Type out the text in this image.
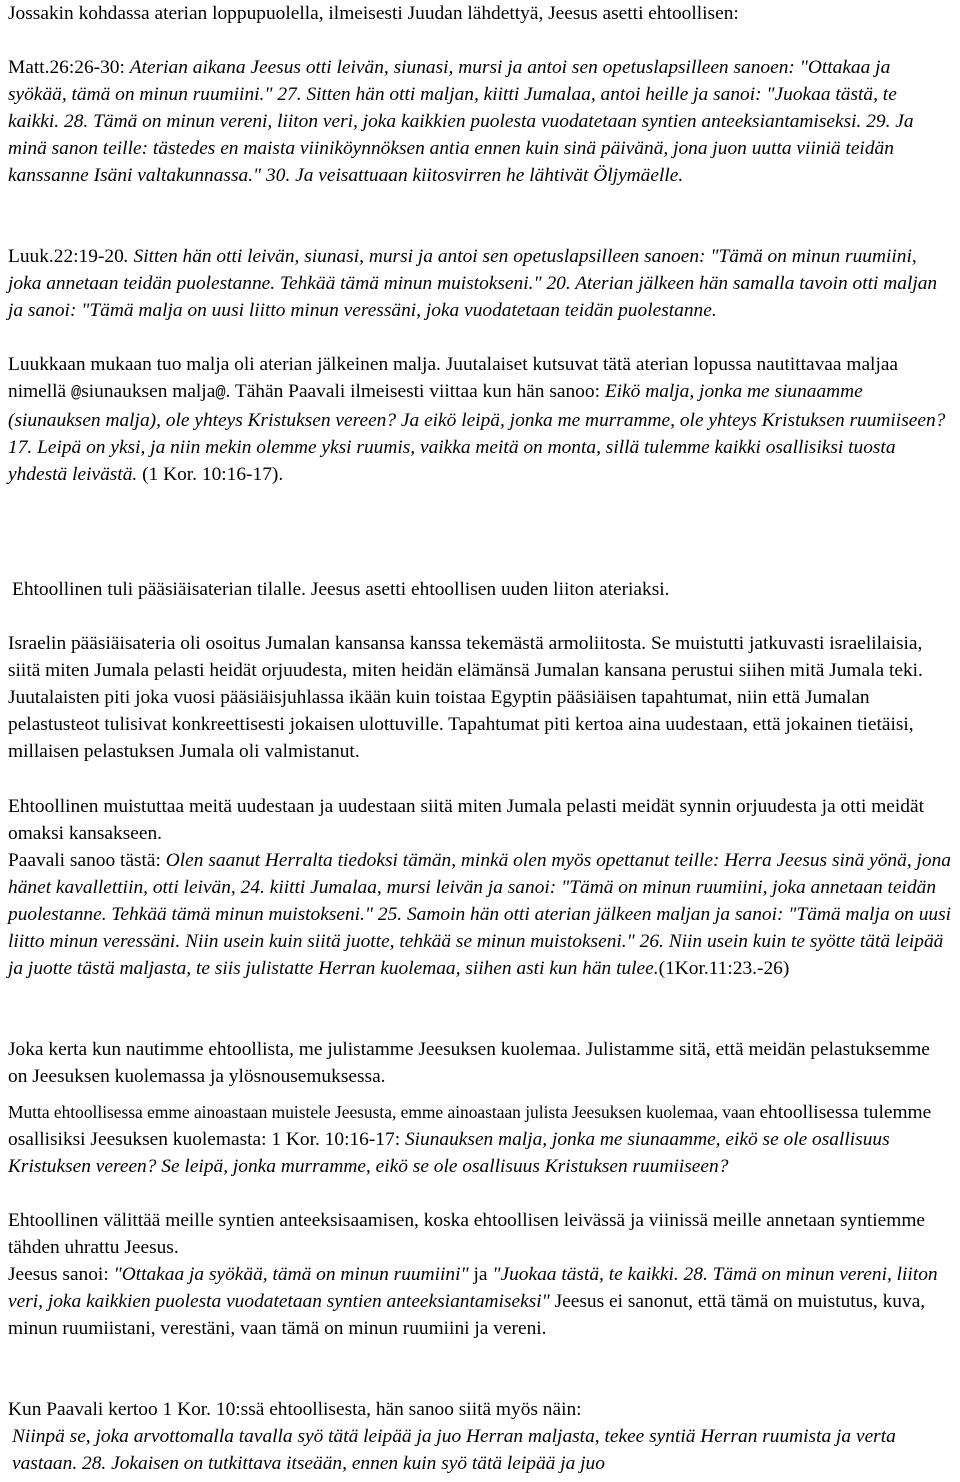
Jossakin kohdassa aterian loppupuolella, ilmeisesti Juudan lähdettyä, Jeesus asetti ehtoollisen:

Matt.26:26-30: Aterian aikana Jeesus otti leivän, siunasi, mursi ja antoi sen opetuslapsilleen sanoen: "Ottakaa ja syökää, tämä on minun ruumiini." 27. Sitten hän otti maljan, kiitti Jumalaa, antoi heille ja sanoi: "Juokaa tästä, te kaikki. 28. Tämä on minun vereni, liiton veri, joka kaikkien puolesta vuodatetaan syntien anteeksiantamiseksi. 29. Ja minä sanon teille: tästedes en maista viiniköynnöksen antia ennen kuin sinä päivänä, jona juon uutta viiniä teidän kanssanne Isäni valtakunnassa." 30. Ja veisattuaan kiitosvirren he lähtivät Öljymäelle.

Luuk.22:19-20. Sitten hän otti leivän, siunasi, mursi ja antoi sen opetuslapsilleen sanoen: "Tämä on minun ruumiini, joka annetaan teidän puolestanne. Tehkää tämä minun muistokseni." 20. Aterian jälkeen hän samalla tavoin otti maljan ja sanoi: "Tämä malja on uusi liitto minun veressäni, joka vuodatetaan teidän puolestanne.

Luukkaan mukaan tuo malja oli aterian jälkeinen malja. Juutalaiset kutsuvat tätä aterian lopussa nautittavaa maljaa nimellä @siunauksen malja@. Tähän Paavali ilmeisesti viittaa kun hän sanoo: Eikö malja, jonka me siunaamme (siunauksen malja), ole yhteys Kristuksen vereen? Ja eikö leipä, jonka me murramme, ole yhteys Kristuksen ruumiiseen? 17. Leipä on yksi, ja niin mekin olemme yksi ruumis, vaikka meitä on monta, sillä tulemme kaikki osallisiksi tuosta yhdestä leivästä. (1 Kor. 10:16-17).

Ehtoollinen tuli pääsiäisaterian tilalle. Jeesus asetti ehtoollisen uuden liiton ateriaksi.

Israelin pääsiäisateria oli osoitus Jumalan kansansa kanssa tekemästä armoliitosta. Se muistutti jatkuvasti israelilaisia, siitä miten Jumala pelasti heidät orjuudesta, miten heidän elämänsä Jumalan kansana perustui siihen mitä Jumala teki. Juutalaisten piti joka vuosi pääsiäisjuhlassa ikään kuin toistaa Egyptin pääsiäisen tapahtumat, niin että Jumalan pelastusteot tulisivat konkreettisesti jokaisen ulottuville. Tapahtumat piti kertoa aina uudestaan, että jokainen tietäisi, millaisen pelastuksen Jumala oli valmistanut.

Ehtoollinen muistuttaa meitä uudestaan ja uudestaan siitä miten Jumala pelasti meidät synnin orjuudesta ja otti meidät omaksi kansakseen.

Paavali sanoo tästä: Olen saanut Herralta tiedoksi tämän, minkä olen myös opettanut teille: Herra Jeesus sinä yönä, jona hänet kavallettiin, otti leivän, 24. kiitti Jumalaa, mursi leivän ja sanoi: "Tämä on minun ruumiini, joka annetaan teidän puolestanne. Tehkää tämä minun muistokseni." 25. Samoin hän otti aterian jälkeen maljan ja sanoi: "Tämä malja on uusi liitto minun veressäni. Niin usein kuin siitä juotte, tehkää se minun muistokseni." 26. Niin usein kuin te syötte tätä leipää ja juotte tästä maljasta, te siis julistatte Herran kuolemaa, siihen asti kun hän tulee.(1Kor.11:23.-26)

Joka kerta kun nautimme ehtoollista, me julistamme Jeesuksen kuolemaa. Julistamme sitä, että meidän pelastuksemme on Jeesuksen kuolemassa ja ylösnousemuksessa.

Mutta ehtoollisessa emme ainoastaan muistele Jeesusta, emme ainoastaan julista Jeesuksen kuolemaa, vaan ehtoollisessa tulemme osallisiksi Jeesuksen kuolemasta: 1 Kor. 10:16-17: Siunauksen malja, jonka me siunaamme, eikö se ole osallisuus Kristuksen vereen? Se leipä, jonka murramme, eikö se ole osallisuus Kristuksen ruumiiseen?

Ehtoollinen välittää meille syntien anteeksisaamisen, koska ehtoollisen leivässä ja viinissä meille annetaan syntiemme tähden uhrattu Jeesus.

Jeesus sanoi: "Ottakaa ja syökää, tämä on minun ruumiini" ja "Juokaa tästä, te kaikki. 28. Tämä on minun vereni, liiton veri, joka kaikkien puolesta vuodatetaan syntien anteeksiantamiseksi" Jeesus ei sanonut, että tämä on muistutus, kuva, minun ruumiistani, verestäni, vaan tämä on minun ruumiini ja vereni.

Kun Paavali kertoo 1 Kor. 10:ssä ehtoollisesta, hän sanoo siitä myös näin:

Niinpä se, joka arvottomalla tavalla syö tätä leipää ja juo Herran maljasta, tekee syntiä Herran ruumista ja verta vastaan. 28. Jokaisen on tutkittava itseään, ennen kuin syö tätä leipää ja juo
